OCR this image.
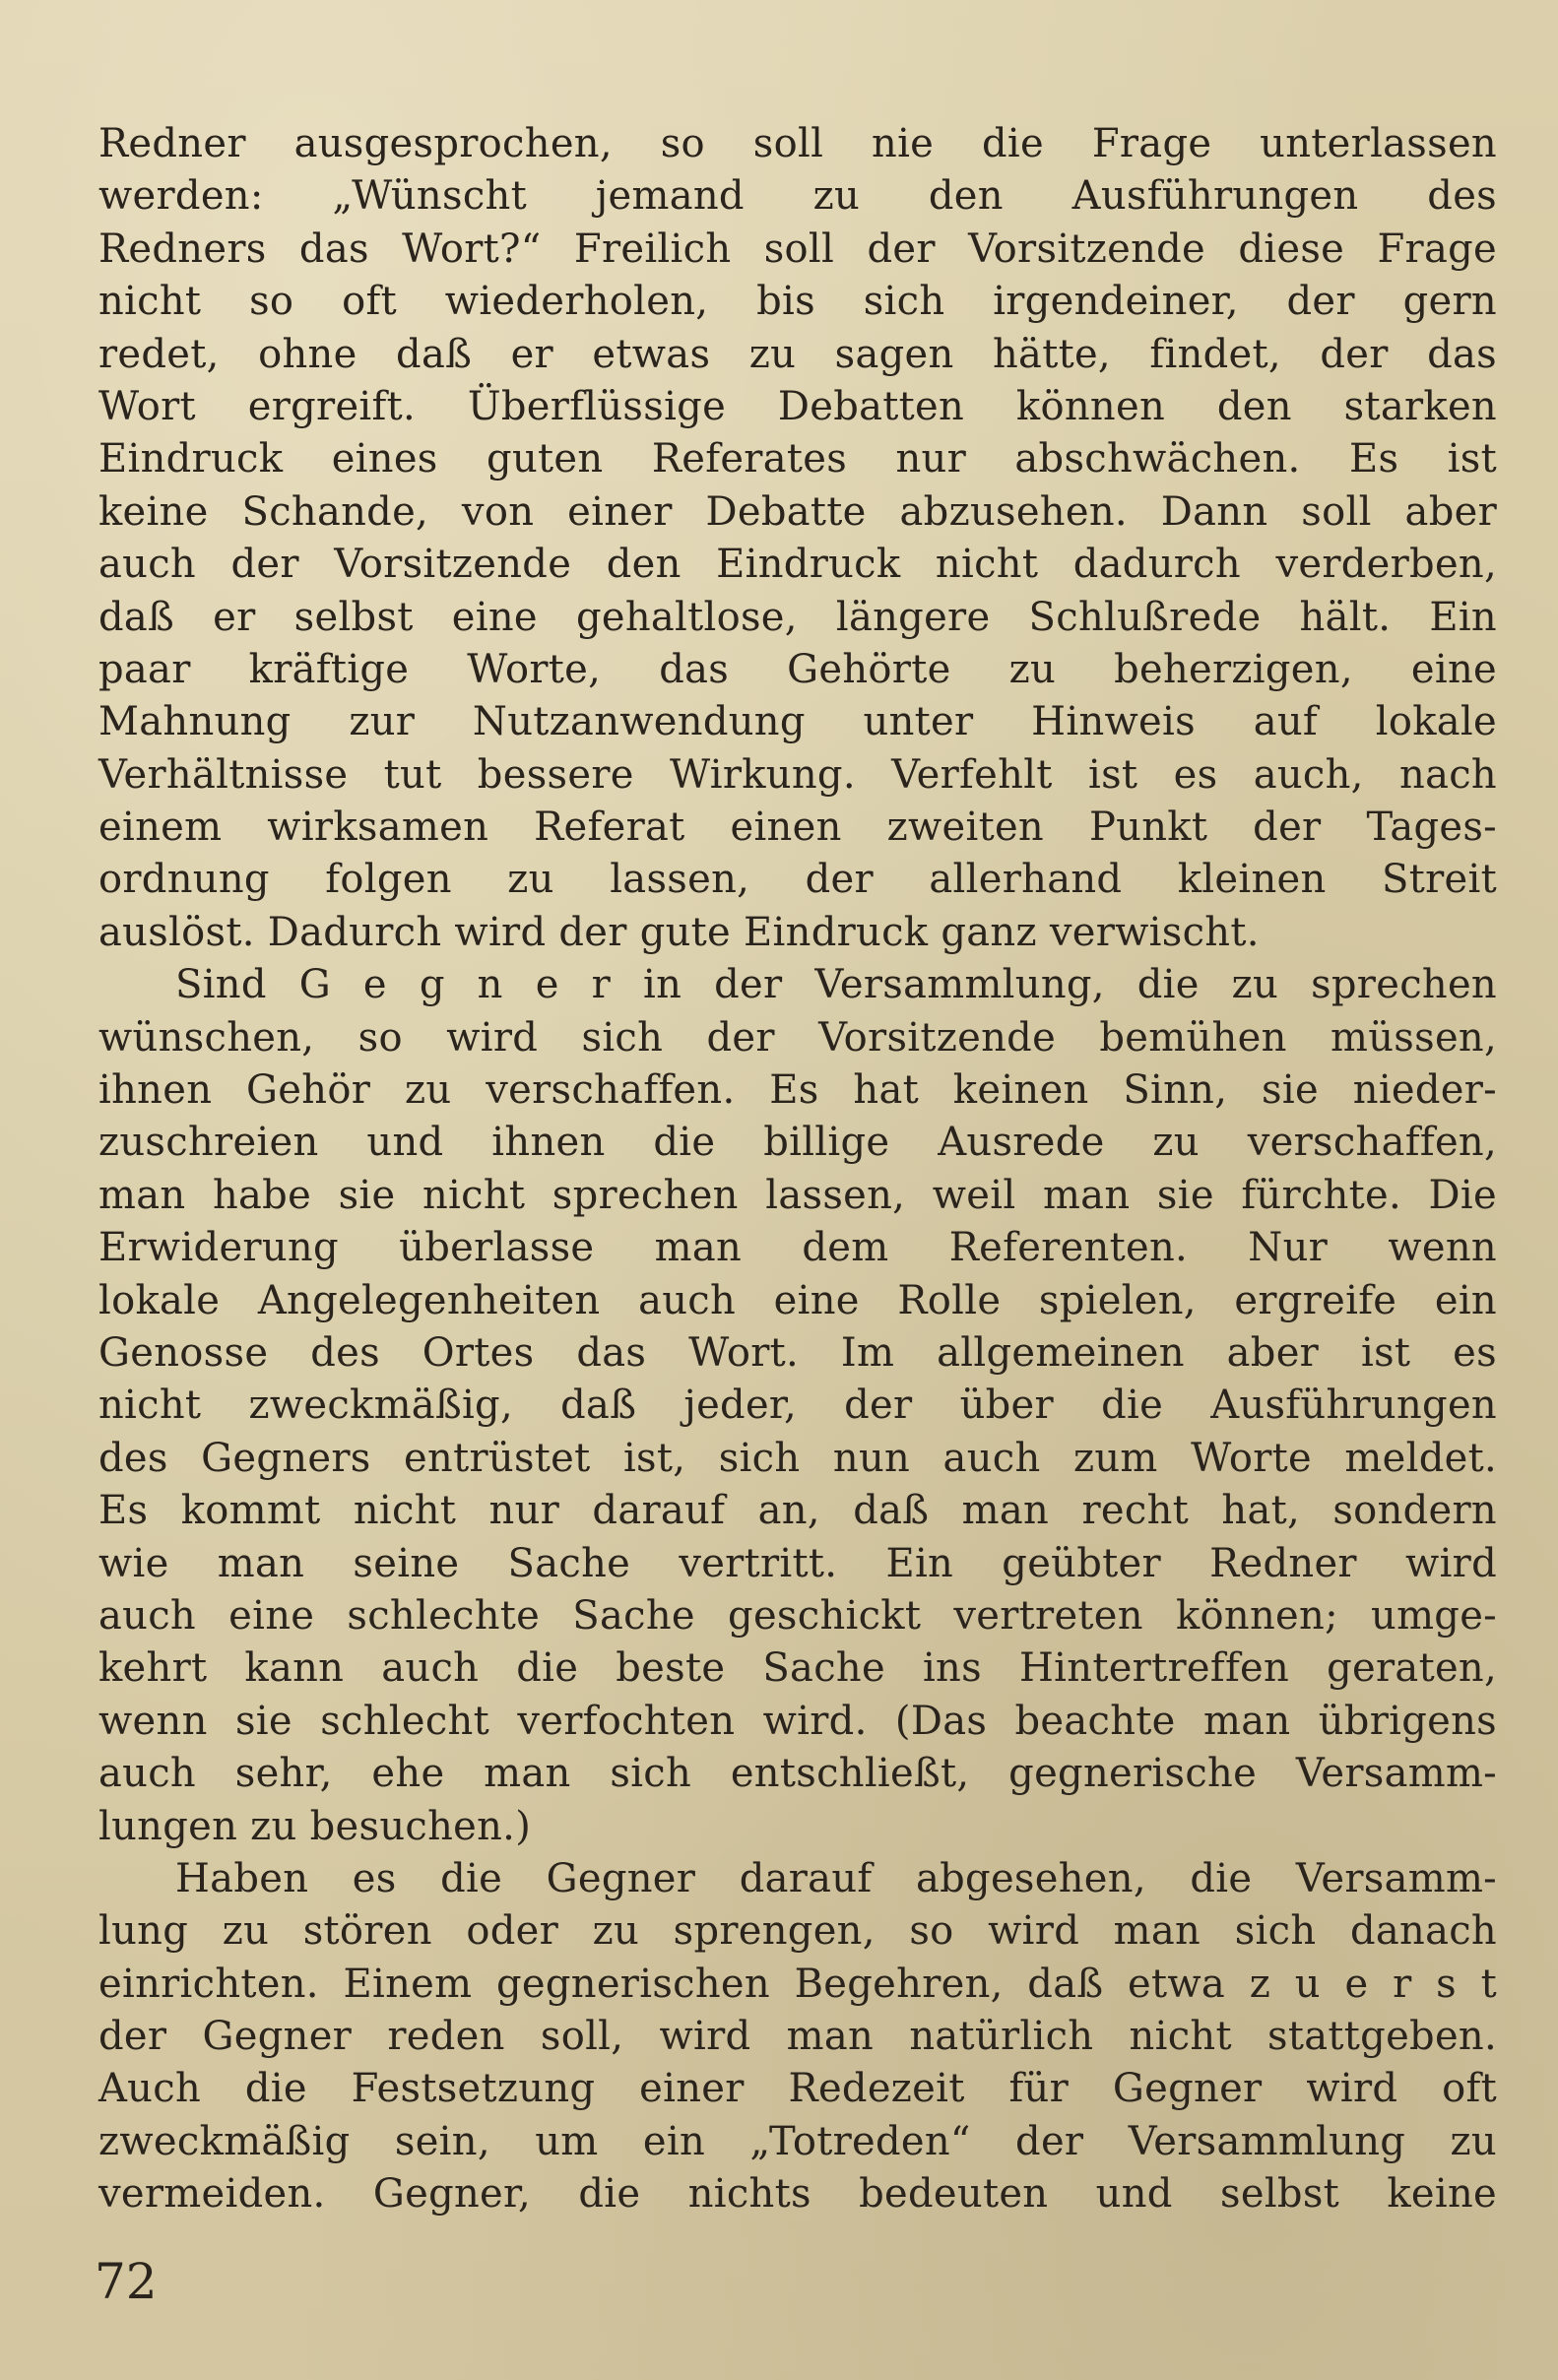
Redner ausgesprochen, so soll nie die Frage unterlassen
werden: „Wünscht jemand zu den Ausführungen des
Redners das Wort?“ Freilich soll der Vorsitzende diese Frage
nicht so oft wiederholen, bis sich irgendeiner, der gern
redet, ohne daß er etwas zu sagen hätte, findet, der das
Wort ergreift. Überflüssige Debatten können den starken
Eindruck eines guten Referates nur abschwächen. Es ist
keine Schande, von einer Debatte abzusehen. Dann soll aber
auch der Vorsitzende den Eindruck nicht dadurch verderben,
daß er selbst eine gehaltlose, längere Schlußrede hält. Ein
paar kräftige Worte, das Gehörte zu beherzigen, eine
Mahnung zur Nutzanwendung unter Hinweis auf lokale
Verhältnisse tut bessere Wirkung. Verfehlt ist es auch, nach
einem wirksamen Referat einen zweiten Punkt der Tages-
ordnung folgen zu lassen, der allerhand kleinen Streit
auslöst. Dadurch wird der gute Eindruck ganz verwischt.

Sind G e g n e r in der Versammlung, die zu sprechen
wünschen, so wird sich der Vorsitzende bemühen müssen,
ihnen Gehör zu verschaffen. Es hat keinen Sinn, sie nieder-
zuschreien und ihnen die billige Ausrede zu verschaffen,
man habe sie nicht sprechen lassen, weil man sie fürchte. Die
Erwiderung überlasse man dem Referenten. Nur wenn
lokale Angelegenheiten auch eine Rolle spielen, ergreife ein
Genosse des Ortes das Wort. Im allgemeinen aber ist es
nicht zweckmäßig, daß jeder, der über die Ausführungen
des Gegners entrüstet ist, sich nun auch zum Worte meldet.
Es kommt nicht nur darauf an, daß man recht hat, sondern
wie man seine Sache vertritt. Ein geübter Redner wird
auch eine schlechte Sache geschickt vertreten können; umge-
kehrt kann auch die beste Sache ins Hintertreffen geraten,
wenn sie schlecht verfochten wird. (Das beachte man übrigens
auch sehr, ehe man sich entschließt, gegnerische Versamm-
lungen zu besuchen.)

Haben es die Gegner darauf abgesehen, die Versamm-
lung zu stören oder zu sprengen, so wird man sich danach
einrichten. Einem gegnerischen Begehren, daß etwa z u e r s t
der Gegner reden soll, wird man natürlich nicht stattgeben.
Auch die Festsetzung einer Redezeit für Gegner wird oft
zweckmäßig sein, um ein „Totreden“ der Versammlung zu
vermeiden. Gegner, die nichts bedeuten und selbst keine

72
